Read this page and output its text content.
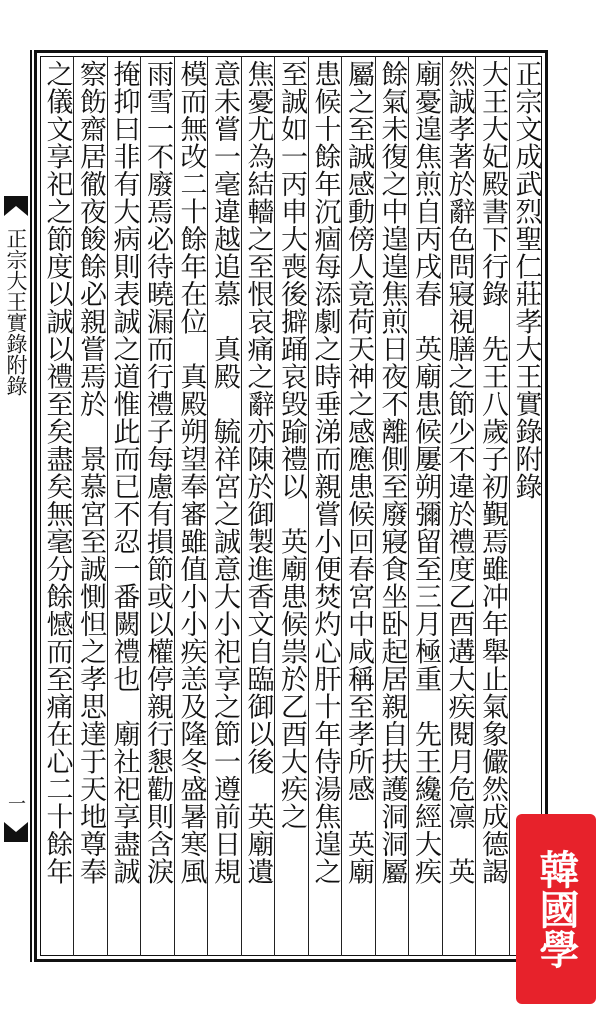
正宗大王實錄附錄
一
正宗文成武烈聖仁莊孝大王實錄附錄
大王大妃殿書下行錄　先王八歲子初覲焉雖冲年舉止氣象儼然成德謁
然誠孝著於辭色問寢視膳之節少不違於禮度乙酉遘大疾閱月危凛　英
廟憂遑焦煎自丙戌春　英廟患候屢朔彌留至三月極重　先王纔經大疾
餘氣未復之中遑遑焦煎日夜不離側至廢寢食坐卧起居親自扶護洞洞屬
屬之至誠感動傍人竟荷天神之感應患候回春宮中咸稱至孝所感　英廟
患候十餘年沉痼每添劇之時垂涕而親嘗小便焚灼心肝十年侍湯焦遑之
至誠如一丙申大喪後擗踊哀毁踰禮以　英廟患候祟於乙酉大疾之
焦憂尤為結轖之至恨哀痛之辭亦陳於御製進香文自臨御以後　英廟遺
意未嘗一毫違越追慕　真殿　毓祥宮之誠意大小祀享之節一遵前日規
模而無改二十餘年在位　真殿朔望奉審雖值小小疾恙及隆冬盛暑寒風
雨雪一不廢焉必待曉漏而行禮子每慮有損節或以權停親行懇勸則含淚
掩抑曰非有大病則表誠之道惟此而已不忍一番闕禮也　廟社祀享盡誠
察飭齋居徹夜餕餘必親嘗焉於　景慕宮至誠惻怛之孝思達于天地尊奉
之儀文享祀之節度以誠以禮至矣盡矣無毫分餘憾而至痛在心二十餘年
韓國學
